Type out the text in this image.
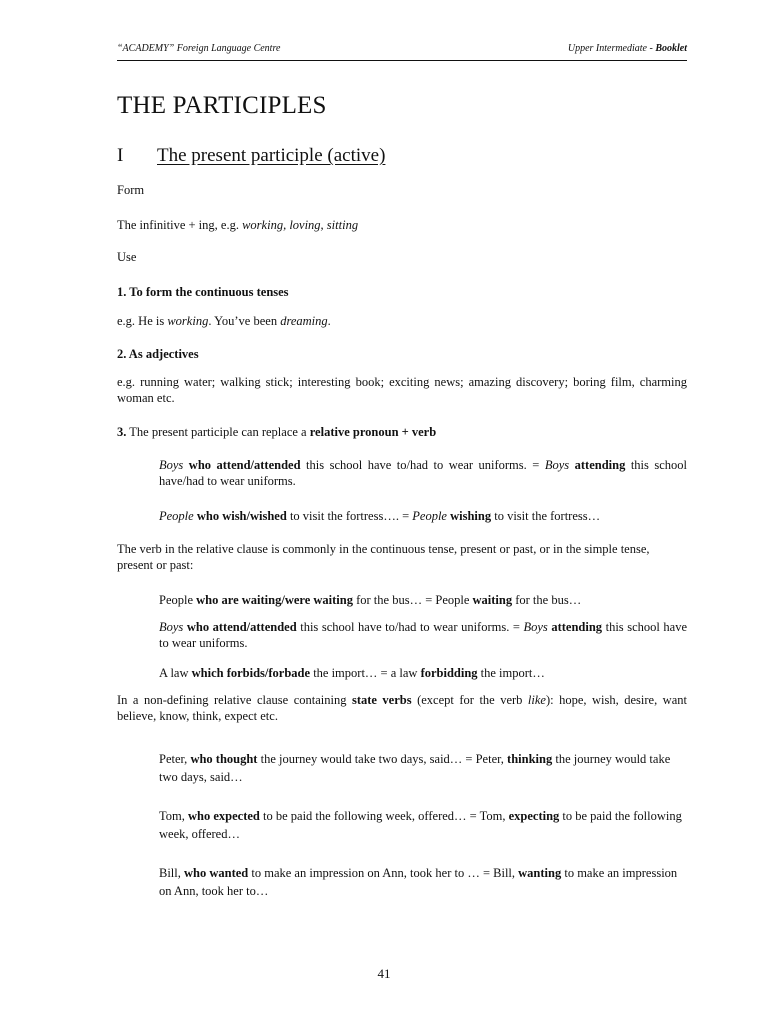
“ACADEMY” Foreign Language Centre	Upper Intermediate - Booklet
THE PARTICIPLES
I The present participle (active)
Form
The infinitive + ing, e.g. working, loving, sitting
Use
1. To form the continuous tenses
e.g. He is working. You’ve been dreaming.
2. As adjectives
e.g. running water; walking stick; interesting book; exciting news; amazing discovery; boring film, charming woman etc.
3. The present participle can replace a relative pronoun + verb
Boys who attend/attended this school have to/had to wear uniforms. = Boys attending this school have/had to wear uniforms.
People who wish/wished to visit the fortress…. = People wishing to visit the fortress…
The verb in the relative clause is commonly in the continuous tense, present or past, or in the simple tense, present or past:
People who are waiting/were waiting for the bus… = People waiting for the bus…
Boys who attend/attended this school have to/had to wear uniforms. = Boys attending this school have to wear uniforms.
A law which forbids/forbade the import… = a law forbidding the import…
In a non-defining relative clause containing state verbs (except for the verb like): hope, wish, desire, want believe, know, think, expect etc.
Peter, who thought the journey would take two days, said… = Peter, thinking the journey would take two days, said…
Tom, who expected to be paid the following week, offered… = Tom, expecting to be paid the following week, offered…
Bill, who wanted to make an impression on Ann, took her to … = Bill, wanting to make an impression on Ann, took her to…
41
